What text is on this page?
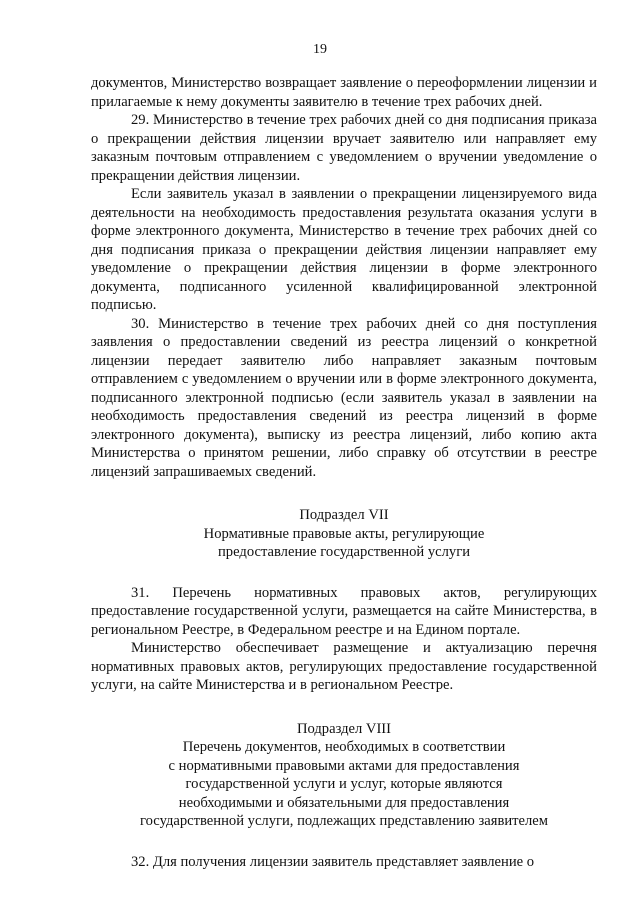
19

документов, Министерство возвращает заявление о переоформлении лицензии и прилагаемые к нему документы заявителю в течение трех рабочих дней.

29. Министерство в течение трех рабочих дней со дня подписания приказа о прекращении действия лицензии вручает заявителю или направляет ему заказным почтовым отправлением с уведомлением о вручении уведомление о прекращении действия лицензии.

Если заявитель указал в заявлении о прекращении лицензируемого вида деятельности на необходимость предоставления результата оказания услуги в форме электронного документа, Министерство в течение трех рабочих дней со дня подписания приказа о прекращении действия лицензии направляет ему уведомление о прекращении действия лицензии в форме электронного документа, подписанного усиленной квалифицированной электронной подписью.

30. Министерство в течение трех рабочих дней со дня поступления заявления о предоставлении сведений из реестра лицензий о конкретной лицензии передает заявителю либо направляет заказным почтовым отправлением с уведомлением о вручении или в форме электронного документа, подписанного электронной подписью (если заявитель указал в заявлении на необходимость предоставления сведений из реестра лицензий в форме электронного документа), выписку из реестра лицензий, либо копию акта Министерства о принятом решении, либо справку об отсутствии в реестре лицензий запрашиваемых сведений.

Подраздел VII

Нормативные правовые акты, регулирующие

предоставление государственной услуги

31. Перечень нормативных правовых актов, регулирующих предоставление государственной услуги, размещается на сайте Министерства, в региональном Реестре, в Федеральном реестре и на Едином портале.

Министерство обеспечивает размещение и актуализацию перечня нормативных правовых актов, регулирующих предоставление государственной услуги, на сайте Министерства и в региональном Реестре.

Подраздел VIII

Перечень документов, необходимых в соответствии

с нормативными правовыми актами для предоставления

государственной услуги и услуг, которые являются

необходимыми и обязательными для предоставления

государственной услуги, подлежащих представлению заявителем

32. Для получения лицензии заявитель представляет заявление о
